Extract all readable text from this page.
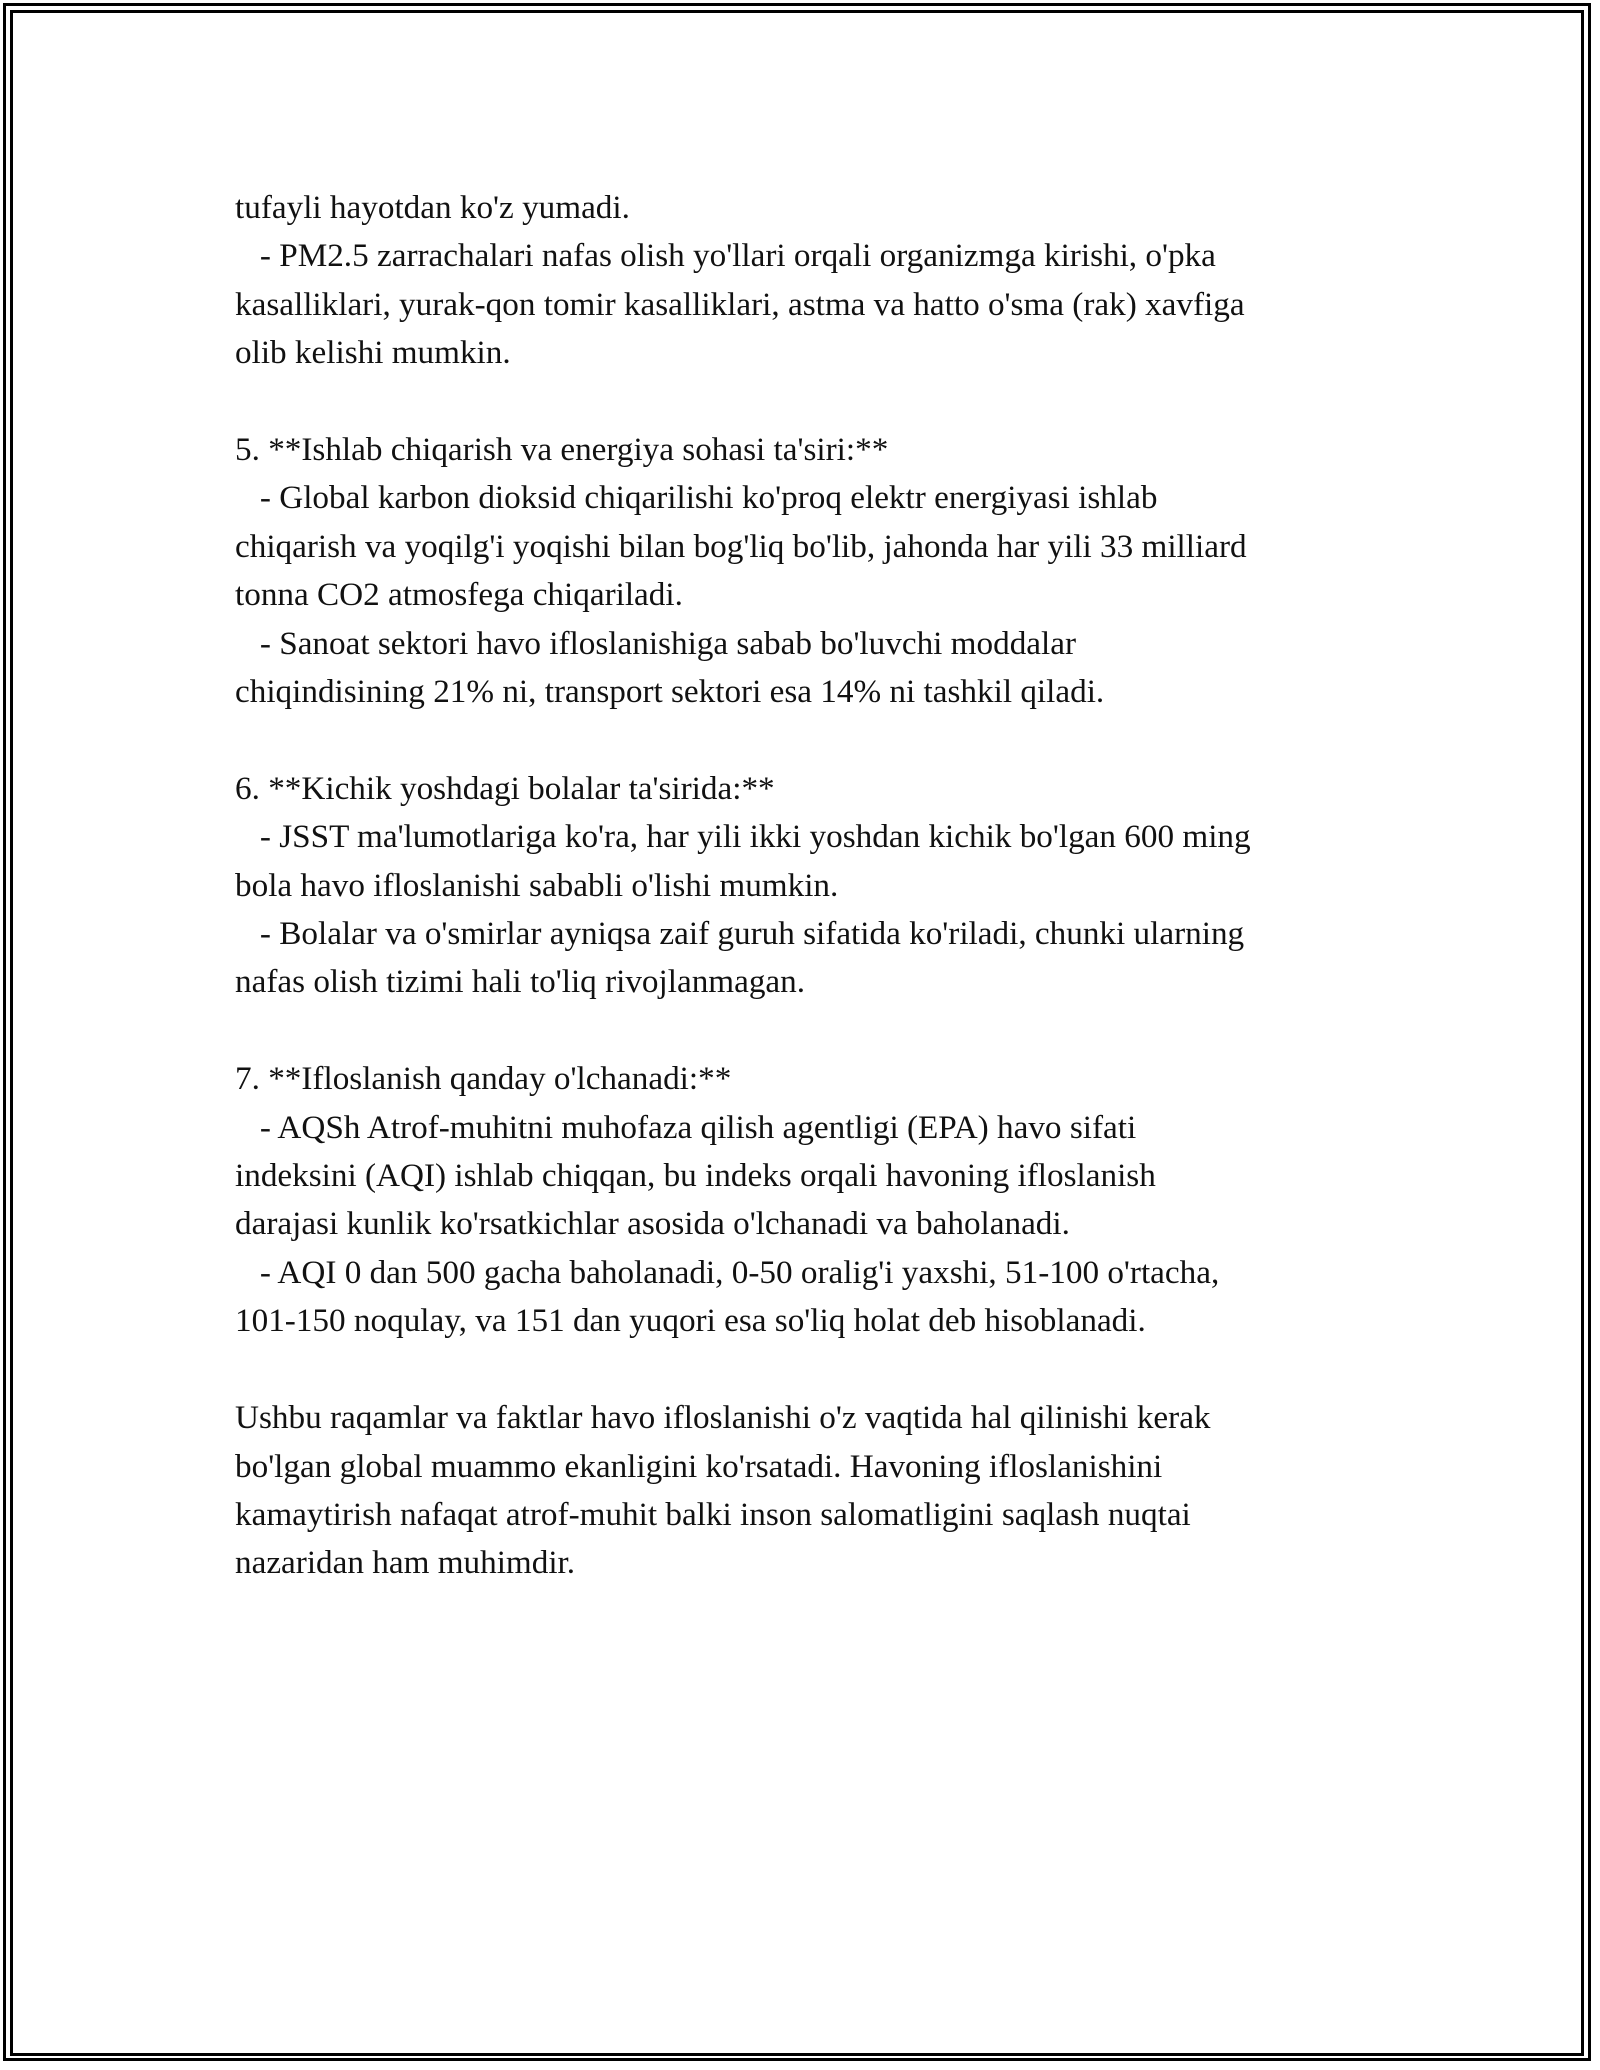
tufayli hayotdan ko'z yumadi.
- PM2.5 zarrachalari nafas olish yo'llari orqali organizmga kirishi, o'pka
kasalliklari, yurak-qon tomir kasalliklari, astma va hatto o'sma (rak) xavfiga
olib kelishi mumkin.
5. **Ishlab chiqarish va energiya sohasi ta'siri:**
- Global karbon dioksid chiqarilishi ko'proq elektr energiyasi ishlab
chiqarish va yoqilg'i yoqishi bilan bog'liq bo'lib, jahonda har yili 33 milliard
tonna CO2 atmosfega chiqariladi.
- Sanoat sektori havo ifloslanishiga sabab bo'luvchi moddalar
chiqindisining 21% ni, transport sektori esa 14% ni tashkil qiladi.
6. **Kichik yoshdagi bolalar ta'sirida:**
- JSST ma'lumotlariga ko'ra, har yili ikki yoshdan kichik bo'lgan 600 ming
bola havo ifloslanishi sababli o'lishi mumkin.
- Bolalar va o'smirlar ayniqsa zaif guruh sifatida ko'riladi, chunki ularning
nafas olish tizimi hali to'liq rivojlanmagan.
7. **Ifloslanish qanday o'lchanadi:**
- AQSh Atrof-muhitni muhofaza qilish agentligi (EPA) havo sifati
indeksini (AQI) ishlab chiqqan, bu indeks orqali havoning ifloslanish
darajasi kunlik ko'rsatkichlar asosida o'lchanadi va baholanadi.
- AQI 0 dan 500 gacha baholanadi, 0-50 oralig'i yaxshi, 51-100 o'rtacha,
101-150 noqulay, va 151 dan yuqori esa so'liq holat deb hisoblanadi.
Ushbu raqamlar va faktlar havo ifloslanishi o'z vaqtida hal qilinishi kerak
bo'lgan global muammo ekanligini ko'rsatadi. Havoning ifloslanishini
kamaytirish nafaqat atrof-muhit balki inson salomatligini saqlash nuqtai
nazaridan ham muhimdir.
